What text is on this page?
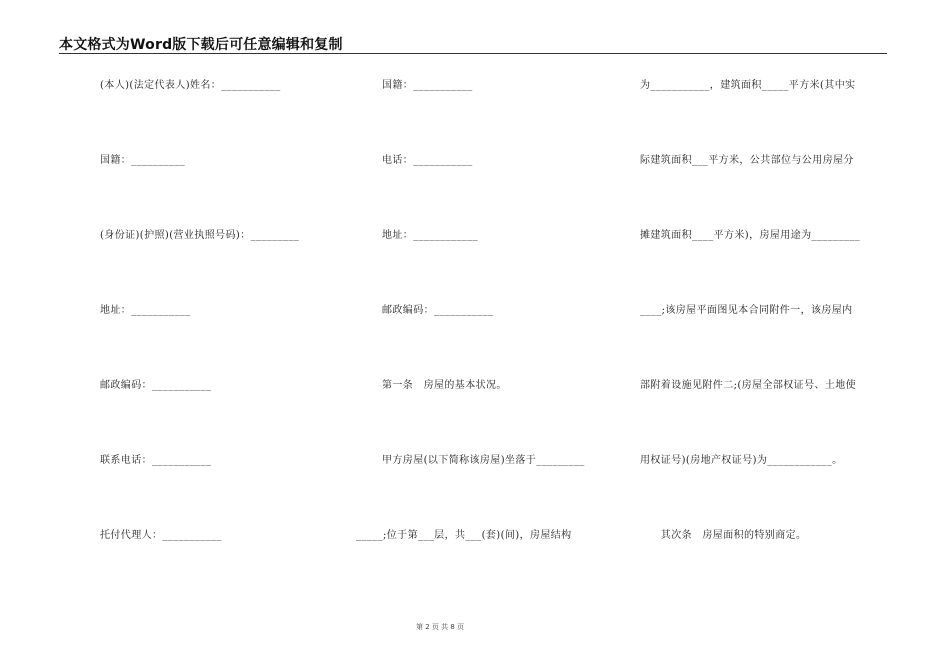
本文格式为Word版下载后可任意编辑和复制
(本人)(法定代表人)姓名：___________
国籍：__________
(身份证)(护照)(营业执照号码)：_________
地址：___________
邮政编码：___________
联系电话：___________
托付代理人：___________
国籍：___________
电话：___________
地址：____________
邮政编码：___________
第一条　房屋的基本状况。
甲方房屋(以下简称该房屋)坐落于_________
_____;位于第___层，共___(套)(间)，房屋结构
为___________，建筑面积_____平方米(其中实
际建筑面积___平方米，公共部位与公用房屋分
摊建筑面积____平方米)，房屋用途为_________
____;该房屋平面图见本合同附件一，该房屋内
部附着设施见附件二;(房屋全部权证号、土地使
用权证号)(房地产权证号)为____________。
　　其次条　房屋面积的特别商定。
第 2 页 共 8 页
